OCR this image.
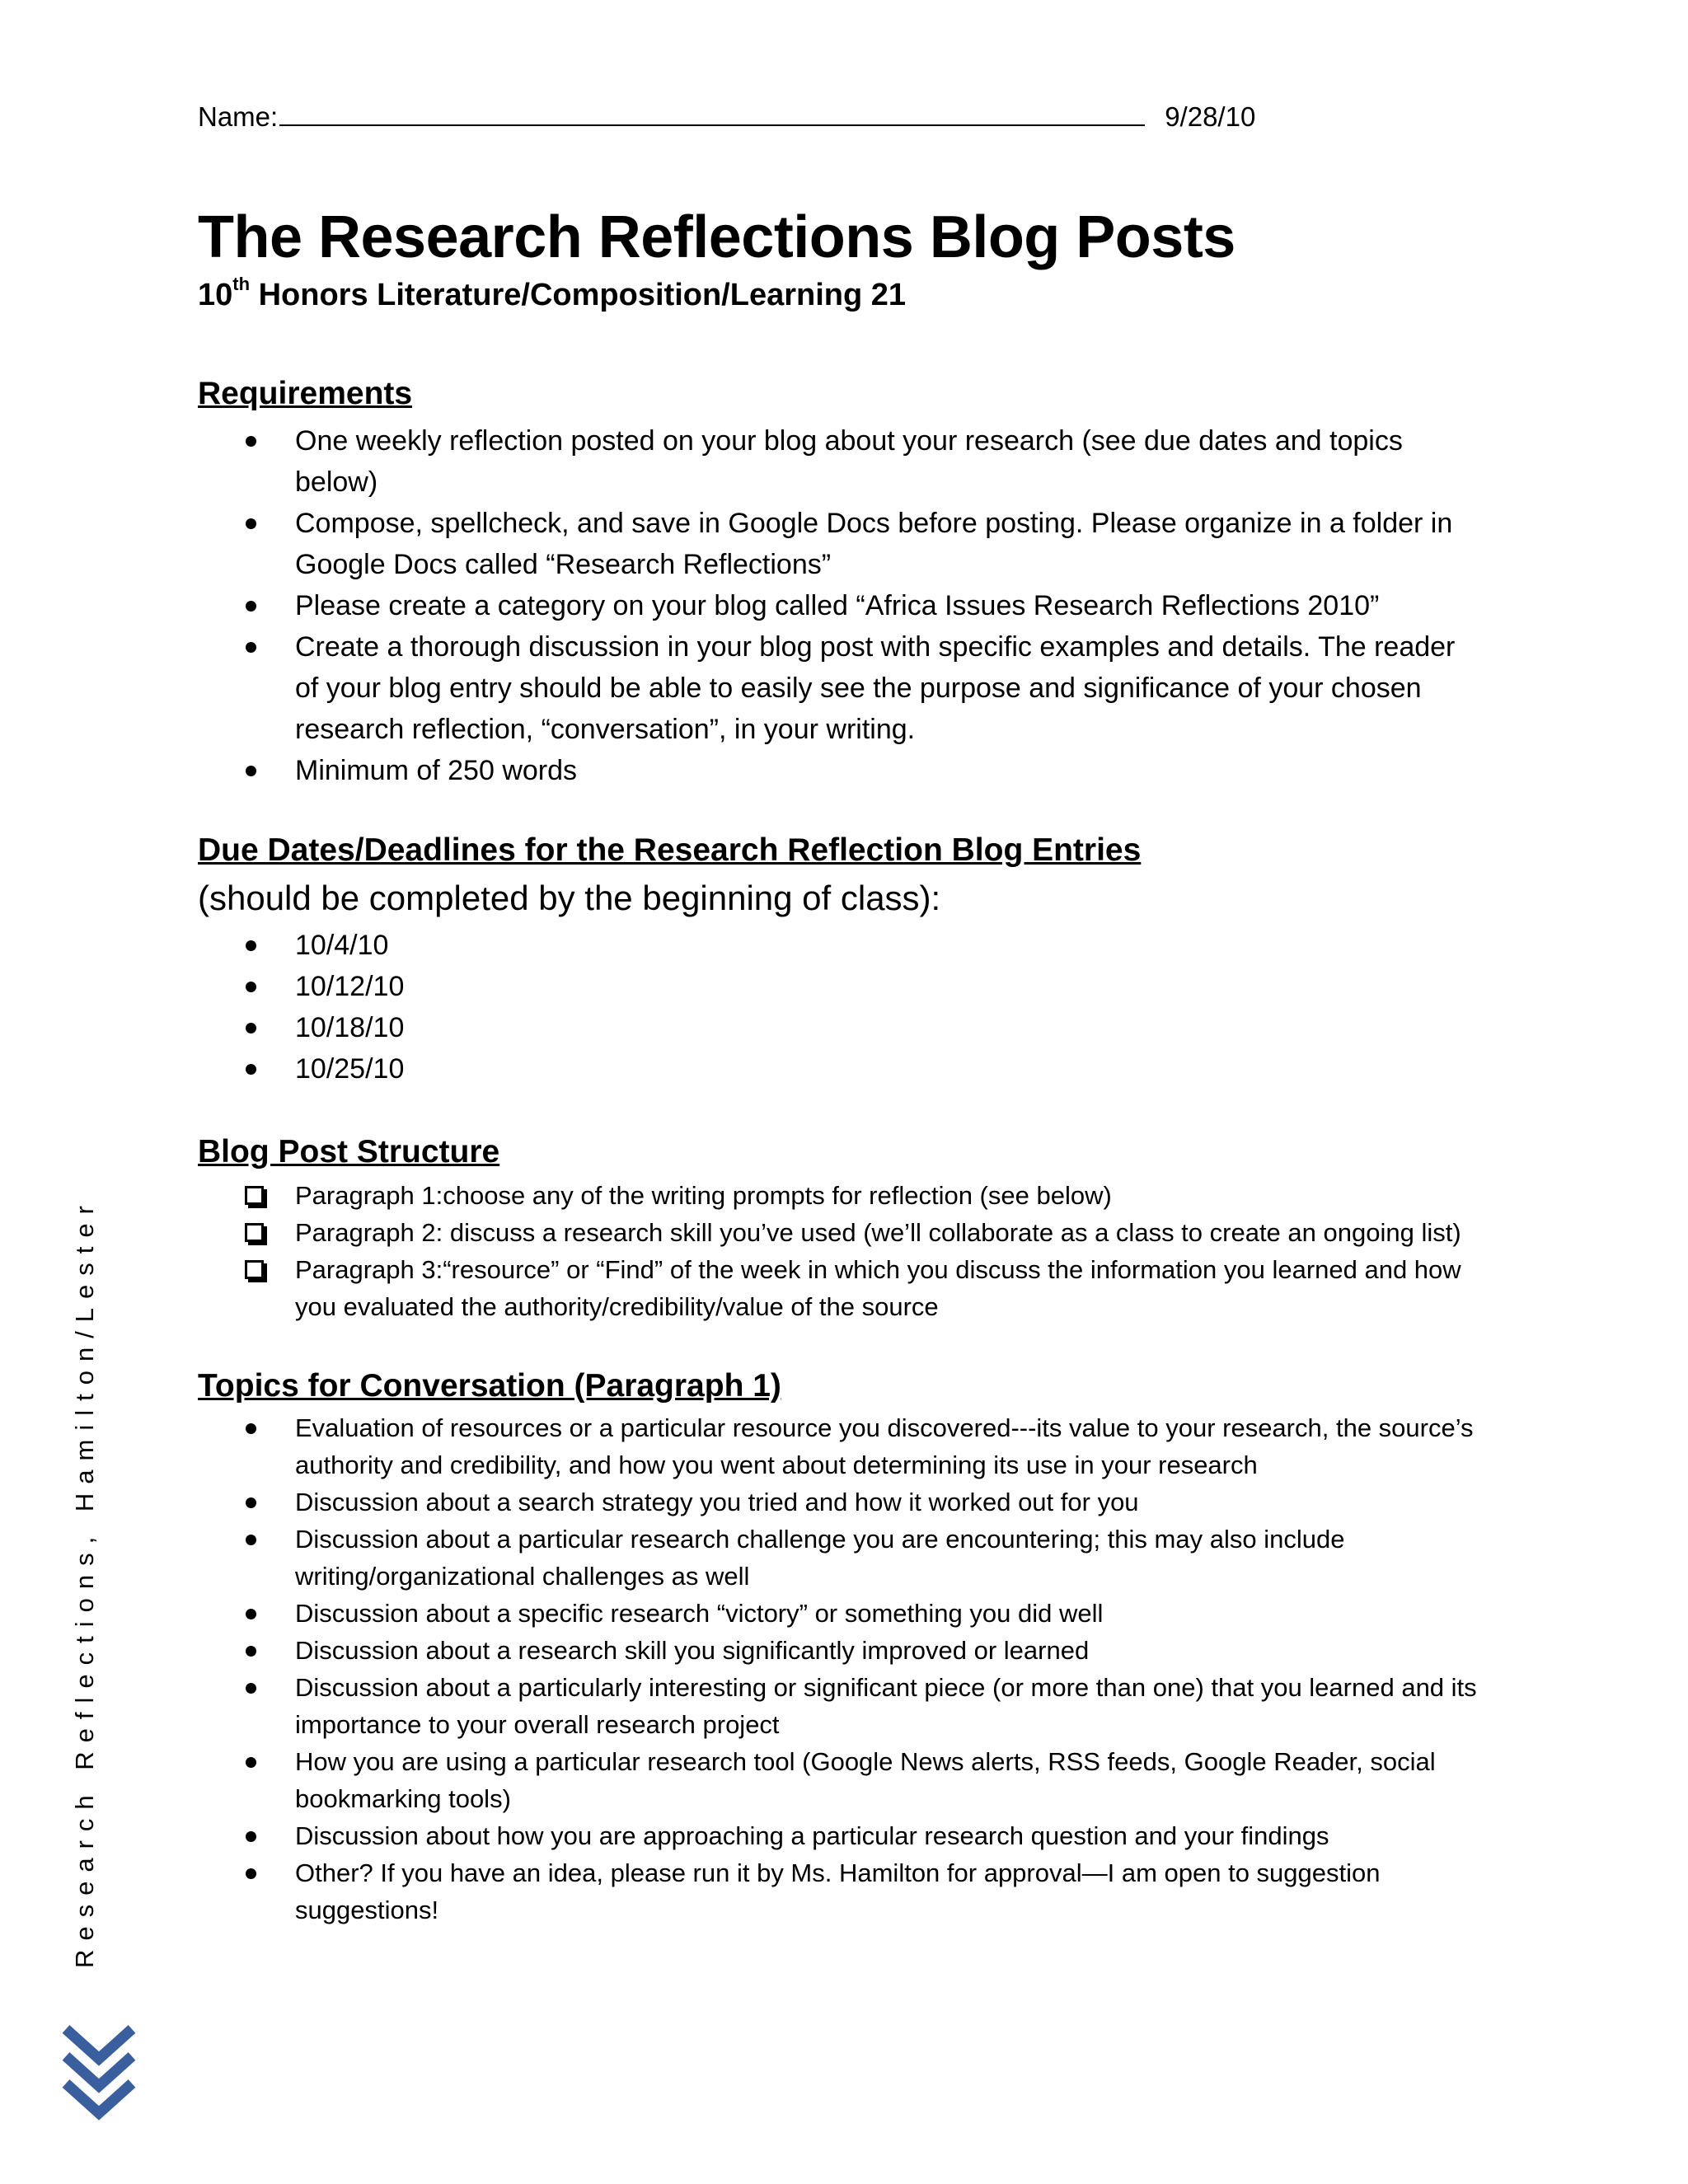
Name:	9/28/10
The Research Reflections Blog Posts
10th Honors Literature/Composition/Learning 21
Requirements
One weekly reflection posted on your blog about your research (see due dates and topics below)
Compose, spellcheck, and save in Google Docs before posting. Please organize in a folder in Google Docs called “Research Reflections”
Please create a category on your blog called “Africa Issues Research Reflections 2010”
Create a thorough discussion in your blog post with specific examples and details. The reader of your blog entry should be able to easily see the purpose and significance of your chosen research reflection, “conversation”, in your writing.
Minimum of 250 words
Due Dates/Deadlines for the Research Reflection Blog Entries
(should be completed by the beginning of class):
10/4/10
10/12/10
10/18/10
10/25/10
Blog Post Structure
Paragraph 1:choose any of the writing prompts for reflection (see below)
Paragraph 2: discuss a research skill you’ve used (we’ll collaborate as a class to create an ongoing list)
Paragraph 3:“resource” or “Find” of the week in which you discuss the information you learned and how you evaluated the authority/credibility/value of the source
Topics for Conversation (Paragraph 1)
Evaluation of resources or a particular resource you discovered---its value to your research, the source’s authority and credibility, and how you went about determining its use in your research
Discussion about a search strategy you tried and how it worked out for you
Discussion about a particular research challenge you are encountering; this may also include writing/organizational challenges as well
Discussion about a specific research “victory” or something you did well
Discussion about a research skill you significantly improved or learned
Discussion about a particularly interesting or significant piece (or more than one) that you learned and its importance to your overall research project
How you are using a particular research tool (Google News alerts, RSS feeds, Google Reader, social bookmarking tools)
Discussion about how you are approaching a particular research question and your findings
Other? If you have an idea, please run it by Ms. Hamilton for approval—I am open to suggestion suggestions!
Research Reflections, Hamilton/Lester
